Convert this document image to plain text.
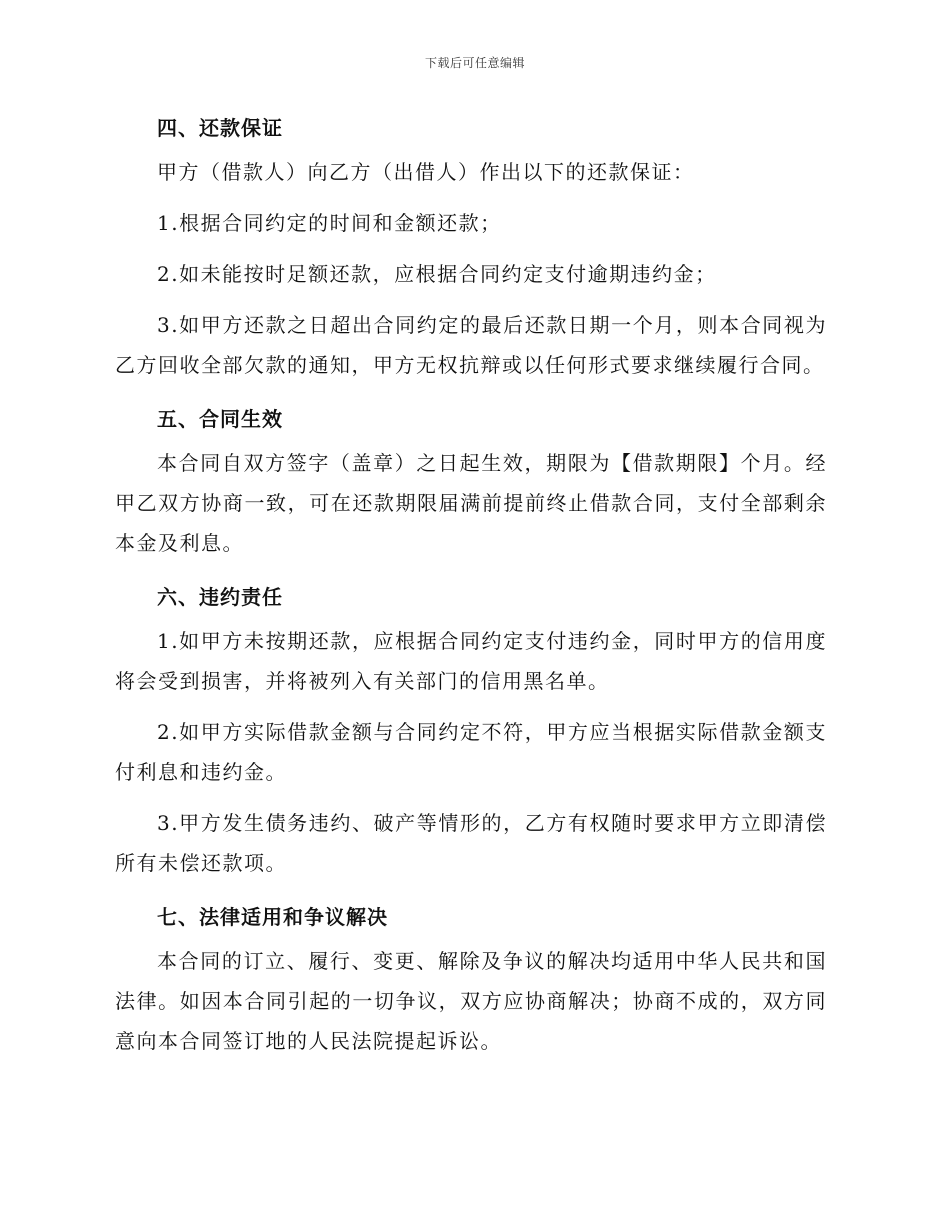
下载后可任意编辑

四、还款保证

甲方（借款人）向乙方（出借人）作出以下的还款保证：

1.根据合同约定的时间和金额还款；

2.如未能按时足额还款，应根据合同约定支付逾期违约金；

3.如甲方还款之日超出合同约定的最后还款日期一个月，则本合同视为乙方回收全部欠款的通知，甲方无权抗辩或以任何形式要求继续履行合同。

五、合同生效

本合同自双方签字（盖章）之日起生效，期限为【借款期限】个月。经甲乙双方协商一致，可在还款期限届满前提前终止借款合同，支付全部剩余本金及利息。

六、违约责任

1.如甲方未按期还款，应根据合同约定支付违约金，同时甲方的信用度将会受到损害，并将被列入有关部门的信用黑名单。

2.如甲方实际借款金额与合同约定不符，甲方应当根据实际借款金额支付利息和违约金。

3.甲方发生债务违约、破产等情形的，乙方有权随时要求甲方立即清偿所有未偿还款项。

七、法律适用和争议解决

本合同的订立、履行、变更、解除及争议的解决均适用中华人民共和国法律。如因本合同引起的一切争议，双方应协商解决；协商不成的，双方同意向本合同签订地的人民法院提起诉讼。
